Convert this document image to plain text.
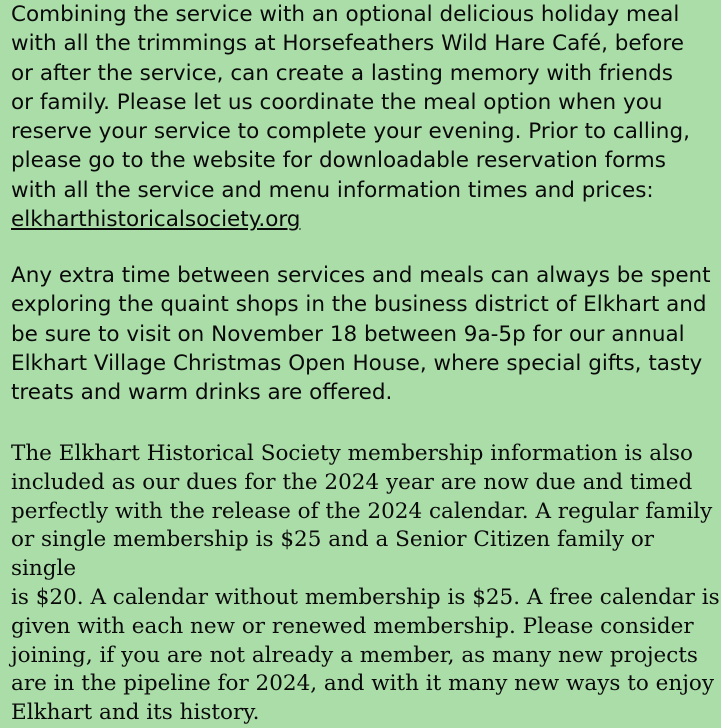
Combining the service with an optional delicious holiday meal
with all the trimmings at Horsefeathers Wild Hare Café, before
or after the service, can create a lasting memory with friends
or family. Please let us coordinate the meal option when you
reserve your service to complete your evening. Prior to calling,
please go to the website for downloadable reservation forms
with all the service and menu information times and prices:
elkharthistoricalsociety.org

Any extra time between services and meals can always be spent
exploring the quaint shops in the business district of Elkhart and
be sure to visit on November 18 between 9a-5p for our annual
Elkhart Village Christmas Open House, where special gifts, tasty
treats and warm drinks are offered.

The Elkhart Historical Society membership information is also
included as our dues for the 2024 year are now due and timed
perfectly with the release of the 2024 calendar. A regular family
or single membership is $25 and a Senior Citizen family or single
is $20. A calendar without membership is $25. A free calendar is
given with each new or renewed membership. Please consider
joining, if you are not already a member, as many new projects
are in the pipeline for 2024, and with it many new ways to enjoy
Elkhart and its history.
